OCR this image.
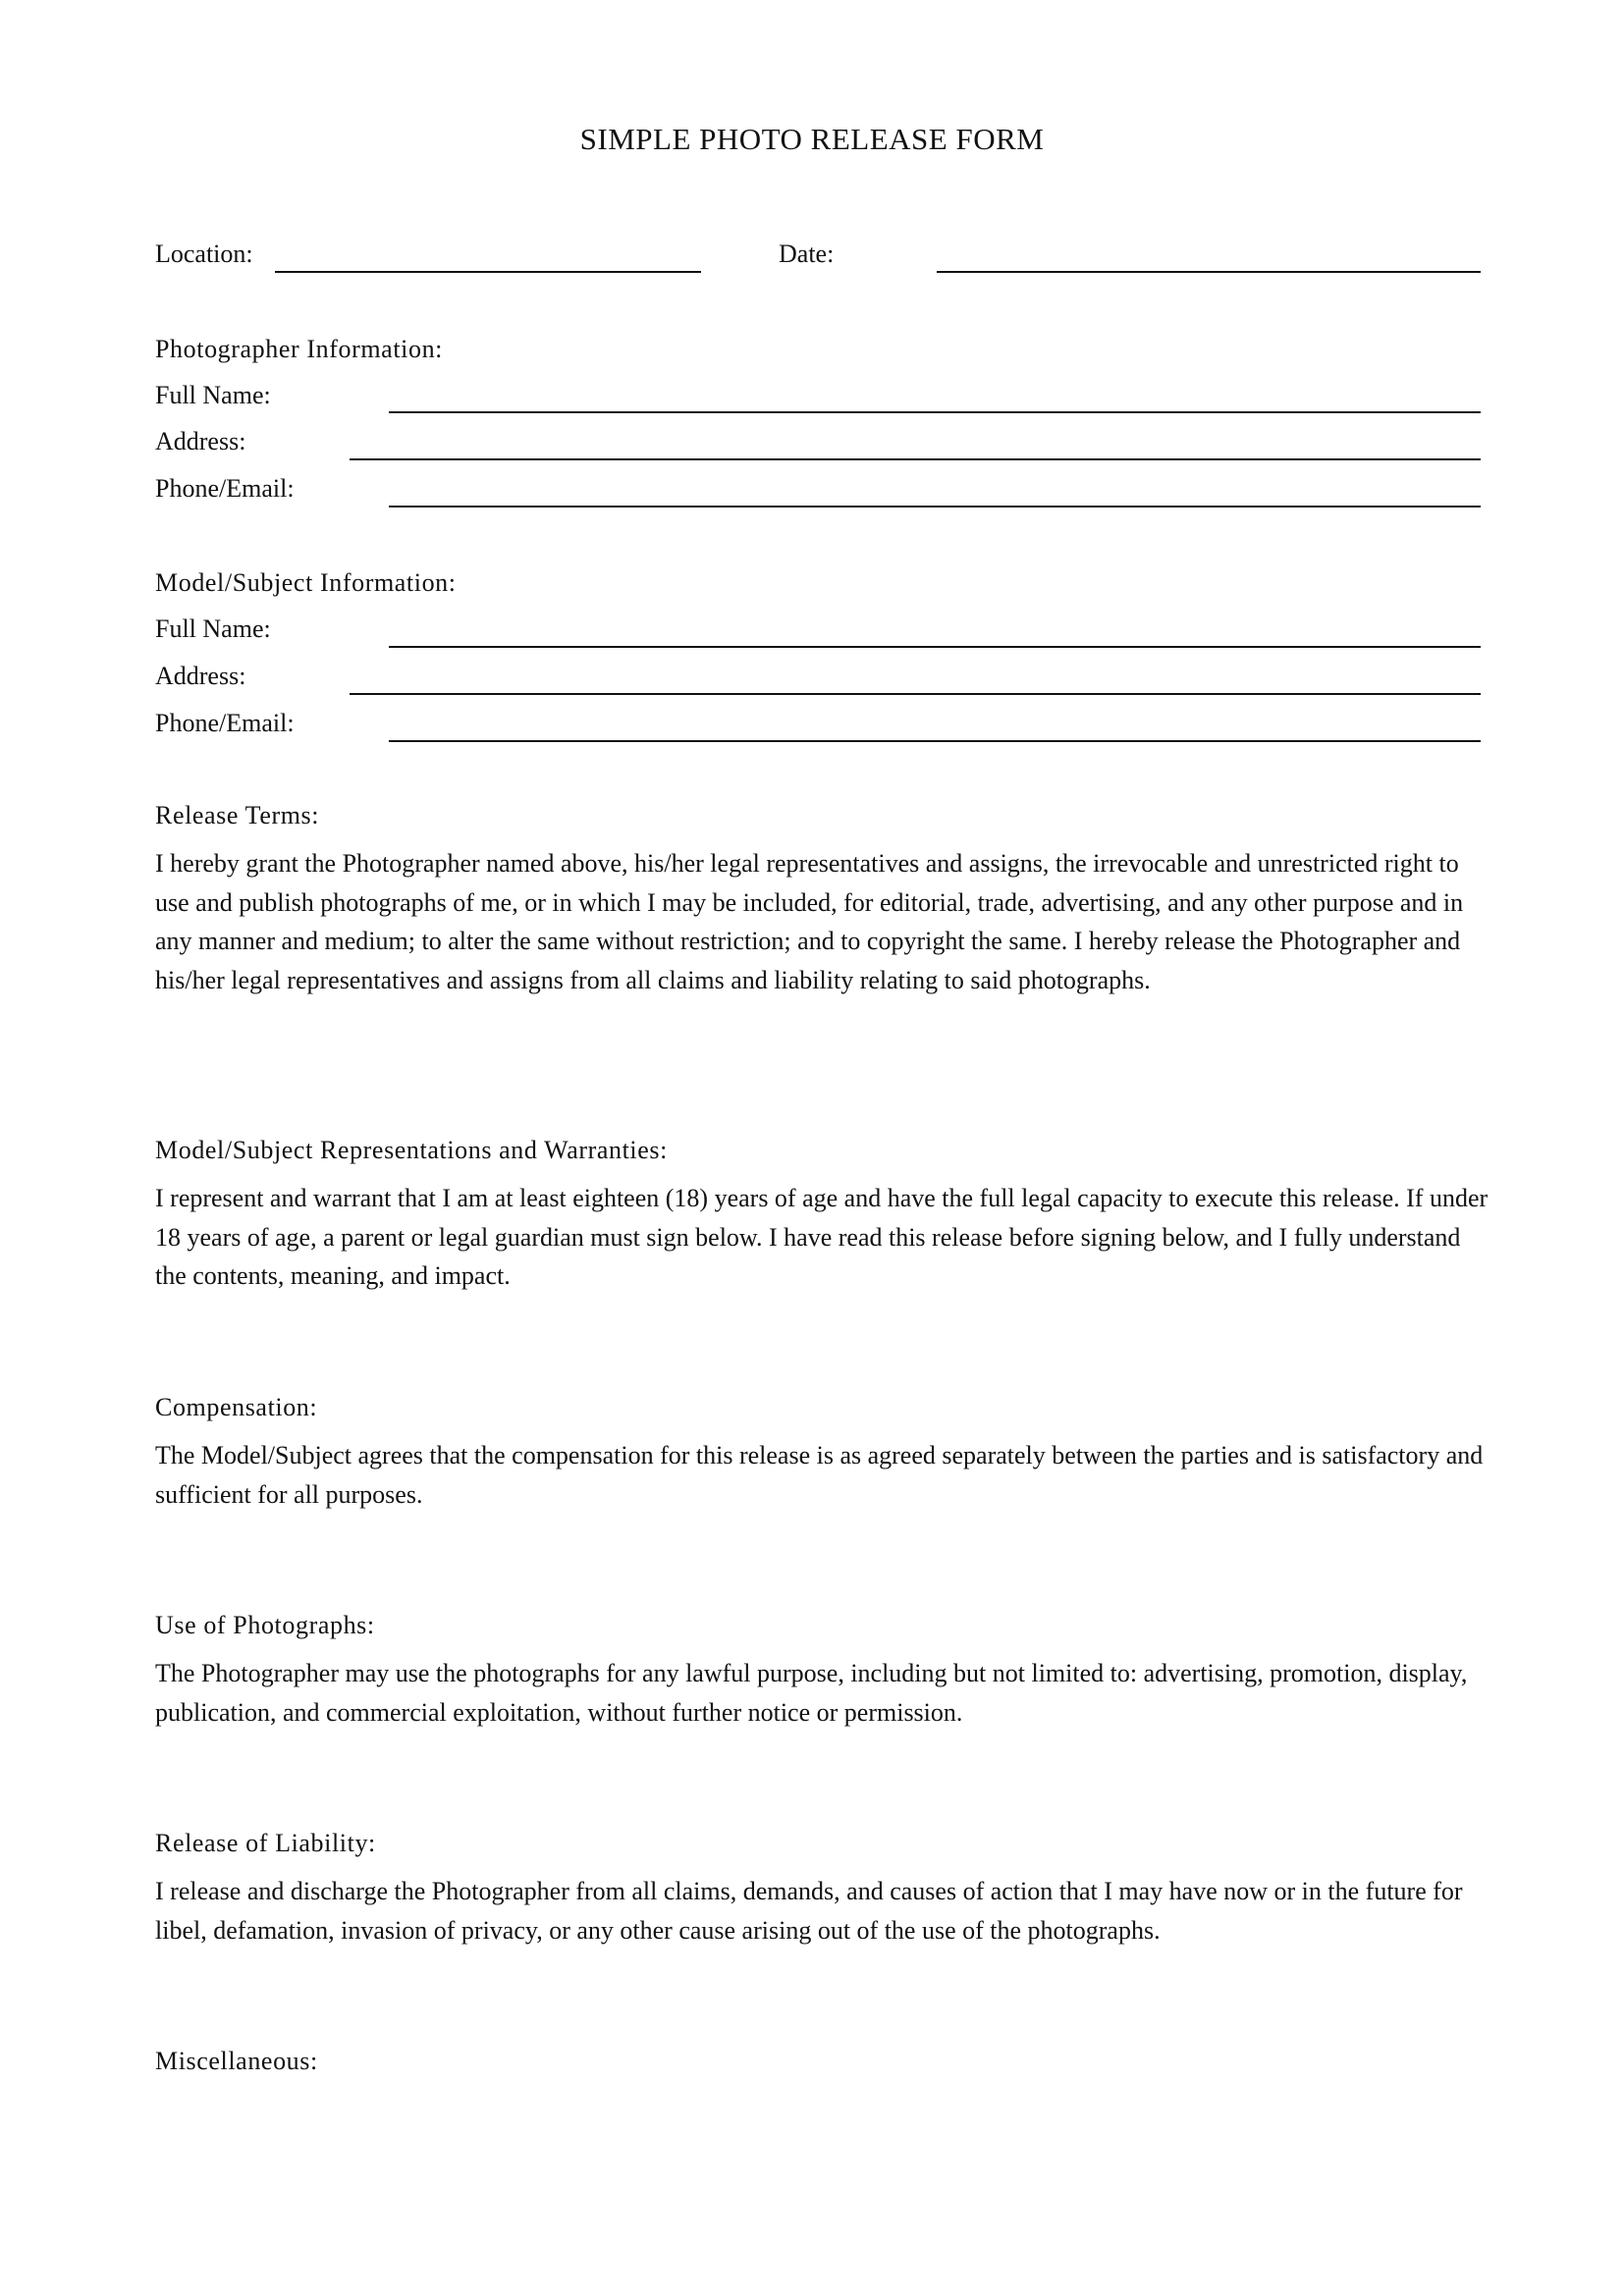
SIMPLE PHOTO RELEASE FORM
Location:	Date:
Photographer Information:
Full Name:
Address:
Phone/Email:
Model/Subject Information:
Full Name:
Address:
Phone/Email:
Release Terms:

I hereby grant the Photographer named above, his/her legal representatives and assigns, the irrevocable and unrestricted right to use and publish photographs of me, or in which I may be included, for editorial, trade, advertising, and any other purpose and in any manner and medium; to alter the same without restriction; and to copyright the same. I hereby release the Photographer and his/her legal representatives and assigns from all claims and liability relating to said photographs.

Model/Subject Representations and Warranties:

I represent and warrant that I am at least eighteen (18) years of age and have the full legal capacity to execute this release. If under 18 years of age, a parent or legal guardian must sign below. I have read this release before signing below, and I fully understand the contents, meaning, and impact.

Compensation:

The Model/Subject agrees that the compensation for this release is as agreed separately between the parties and is satisfactory and sufficient for all purposes.

Use of Photographs:

The Photographer may use the photographs for any lawful purpose, including but not limited to: advertising, promotion, display, publication, and commercial exploitation, without further notice or permission.

Release of Liability:

I release and discharge the Photographer from all claims, demands, and causes of action that I may have now or in the future for libel, defamation, invasion of privacy, or any other cause arising out of the use of the photographs.

Miscellaneous:
